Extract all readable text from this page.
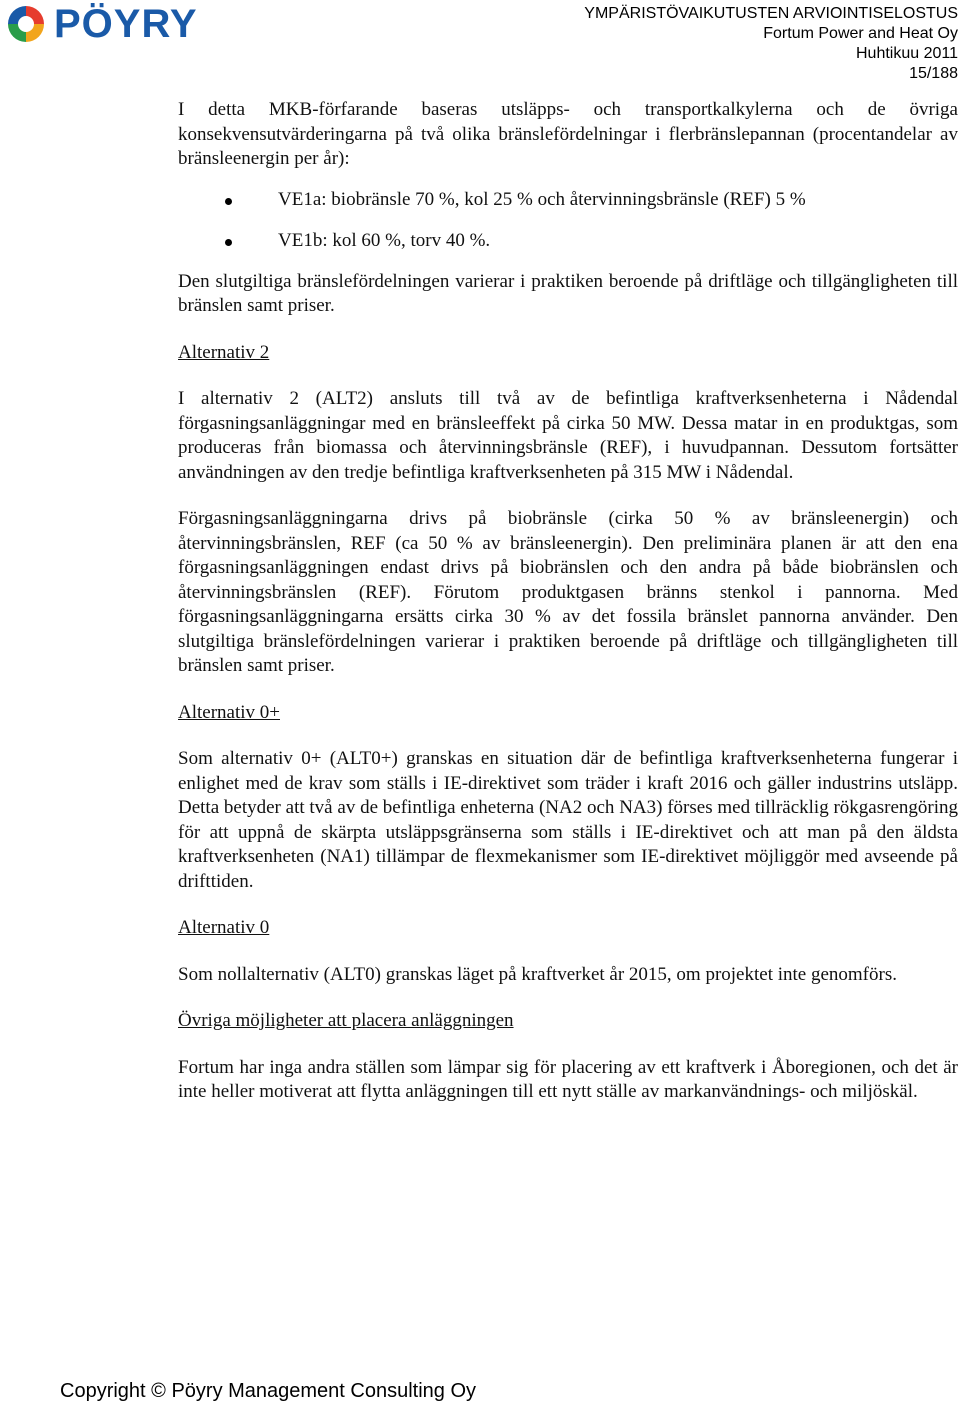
PÖYRY	YMPÄRISTÖVAIKUTUSTEN ARVIOINTISELOSTUS
Fortum Power and Heat Oy
Huhtikuu 2011
15/188

I detta MKB-förfarande baseras utsläpps- och transportkalkylerna och de övriga konsekvensutvärderingarna på två olika bränslefördelningar i flerbränslepannan (procentandelar av bränsleenergin per år):

VE1a: biobränsle 70 %, kol 25 % och återvinningsbränsle (REF) 5 %
VE1b: kol 60 %, torv 40 %.

Den slutgiltiga bränslefördelningen varierar i praktiken beroende på driftläge och tillgängligheten till bränslen samt priser.

Alternativ 2

I alternativ 2 (ALT2) ansluts till två av de befintliga kraftverksenheterna i Nådendal förgasningsanläggningar med en bränsleeffekt på cirka 50 MW. Dessa matar in en produktgas, som produceras från biomassa och återvinningsbränsle (REF), i huvudpannan. Dessutom fortsätter användningen av den tredje befintliga kraftverksenheten på 315 MW i Nådendal.

Förgasningsanläggningarna drivs på biobränsle (cirka 50 % av bränsleenergin) och återvinningsbränslen, REF (ca 50 % av bränsleenergin). Den preliminära planen är att den ena förgasningsanläggningen endast drivs på biobränslen och den andra på både biobränslen och återvinningsbränslen (REF). Förutom produktgasen bränns stenkol i pannorna. Med förgasningsanläggningarna ersätts cirka 30 % av det fossila bränslet pannorna använder. Den slutgiltiga bränslefördelningen varierar i praktiken beroende på driftläge och tillgängligheten till bränslen samt priser.

Alternativ 0+

Som alternativ 0+ (ALT0+) granskas en situation där de befintliga kraftverksenheterna fungerar i enlighet med de krav som ställs i IE-direktivet som träder i kraft 2016 och gäller industrins utsläpp. Detta betyder att två av de befintliga enheterna (NA2 och NA3) förses med tillräcklig rökgasrengöring för att uppnå de skärpta utsläppsgränserna som ställs i IE-direktivet och att man på den äldsta kraftverksenheten (NA1) tillämpar de flexmekanismer som IE-direktivet möjliggör med avseende på drifttiden.

Alternativ 0

Som nollalternativ (ALT0) granskas läget på kraftverket år 2015, om projektet inte genomförs.

Övriga möjligheter att placera anläggningen

Fortum har inga andra ställen som lämpar sig för placering av ett kraftverk i Åboregionen, och det är inte heller motiverat att flytta anläggningen till ett nytt ställe av markanvändnings- och miljöskäl.

Copyright © Pöyry Management Consulting Oy
